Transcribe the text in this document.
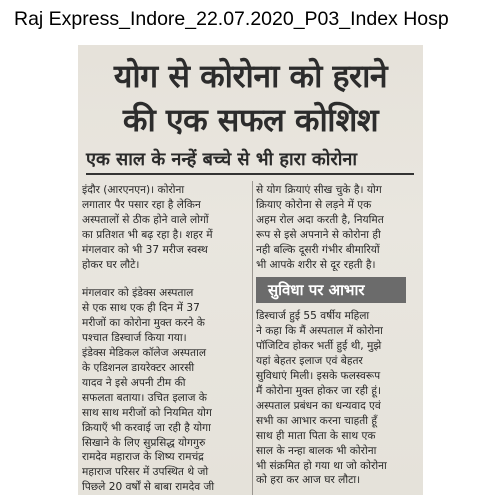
Raj Express_Indore_22.07.2020_P03_Index Hosp
योग से कोरोना को हराने
की एक सफल कोशिश
एक साल के नन्हें बच्चे से भी हारा कोरोना

इंदौर (आरएनएन)। कोरोना

लगातार पैर पसार रहा है लेकिन

अस्पतालों से ठीक होने वाले लोगों

का प्रतिशत भी बढ़ रहा है। शहर में

मंगलवार को भी 37 मरीज स्वस्थ

होकर घर लौटे।

मंगलवार को इंडेक्स अस्पताल

से एक साथ एक ही दिन में 37

मरीजों का कोरोना मुक्त करने के

पश्चात डिस्चार्ज किया गया।

इंडेक्स मेडिकल कॉलेज अस्पताल

के एडिशनल डायरेक्टर आरसी

यादव ने इसे अपनी टीम की

सफलता बताया। उचित इलाज के

साथ साथ मरीजों को नियमित योग

क्रियाएँ भी करवाई जा रही है योगा

सिखाने के लिए सुप्रसिद्ध योगगुरु

रामदेव महाराज के शिष्य रामचंद्र

महाराज परिसर में उपस्थित थे जो

पिछले 20 वर्षों से बाबा रामदेव जी

से योग क्रियाएं सीख चुके है। योग

क्रियाए कोरोना से लड़ने में एक

अहम रोल अदा करती है, नियमित

रूप से इसे अपनाने से कोरोना ही

नही बल्कि दूसरी गंभीर बीमारियों

भी आपके शरीर से दूर रहती है।

सुविधा पर आभार

डिस्चार्ज हुई 55 वर्षीय महिला

ने कहा कि मैं अस्पताल में कोरोना

पॉजिटिव होकर भर्ती हुई थी, मुझे

यहां बेहतर इलाज एवं बेहतर

सुविधाएं मिली। इसके फलस्वरूप

मैं कोरोना मुक्त होकर जा रही हूं।

अस्पताल प्रबंधन का धन्यवाद एवं

सभी का आभार करना चाहती हूँ

साथ ही माता पिता के साथ एक

साल के नन्हा बालक भी कोरोना

भी संक्रमित हो गया था जो कोरोना

को हरा कर आज घर लौटा।
